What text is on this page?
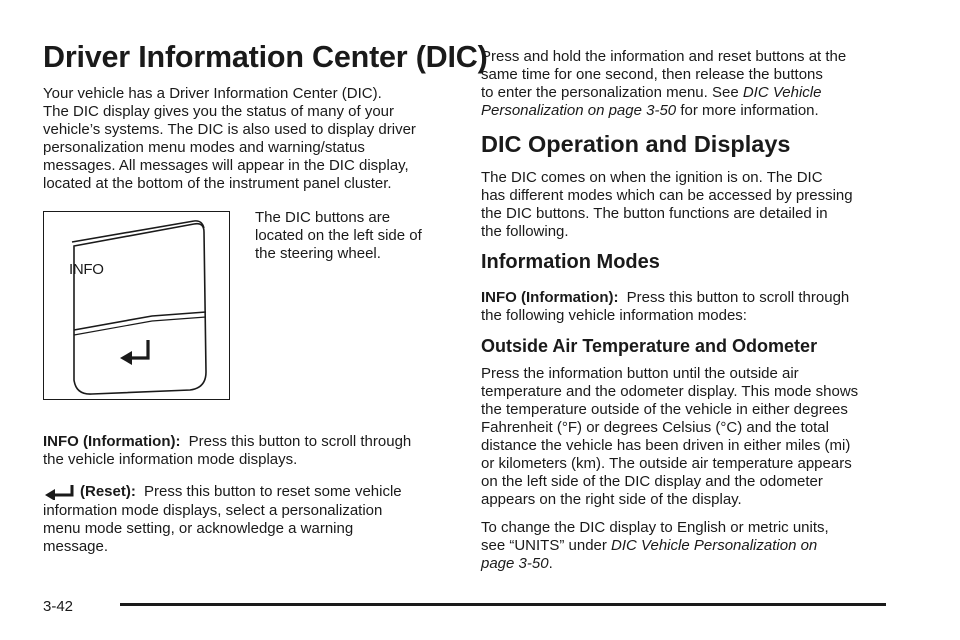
Driver Information Center (DIC)

Your vehicle has a Driver Information Center (DIC).

The DIC display gives you the status of many of your

vehicle’s systems. The DIC is also used to display driver

personalization menu modes and warning/status

messages. All messages will appear in the DIC display,

located at the bottom of the instrument panel cluster.

INFO

The DIC buttons are

located on the left side of

the steering wheel.

INFO (Information): Press this button to scroll through

the vehicle information mode displays.

(Reset): Press this button to reset some vehicle

information mode displays, select a personalization

menu mode setting, or acknowledge a warning

message.

Press and hold the information and reset buttons at the

same time for one second, then release the buttons

to enter the personalization menu. See DIC Vehicle

Personalization on page 3-50 for more information.

DIC Operation and Displays

The DIC comes on when the ignition is on. The DIC

has different modes which can be accessed by pressing

the DIC buttons. The button functions are detailed in

the following.

Information Modes

INFO (Information): Press this button to scroll through

the following vehicle information modes:

Outside Air Temperature and Odometer

Press the information button until the outside air

temperature and the odometer display. This mode shows

the temperature outside of the vehicle in either degrees

Fahrenheit (°F) or degrees Celsius (°C) and the total

distance the vehicle has been driven in either miles (mi)

or kilometers (km). The outside air temperature appears

on the left side of the DIC display and the odometer

appears on the right side of the display.

To change the DIC display to English or metric units,

see “UNITS” under DIC Vehicle Personalization on

page 3-50.

3-42
